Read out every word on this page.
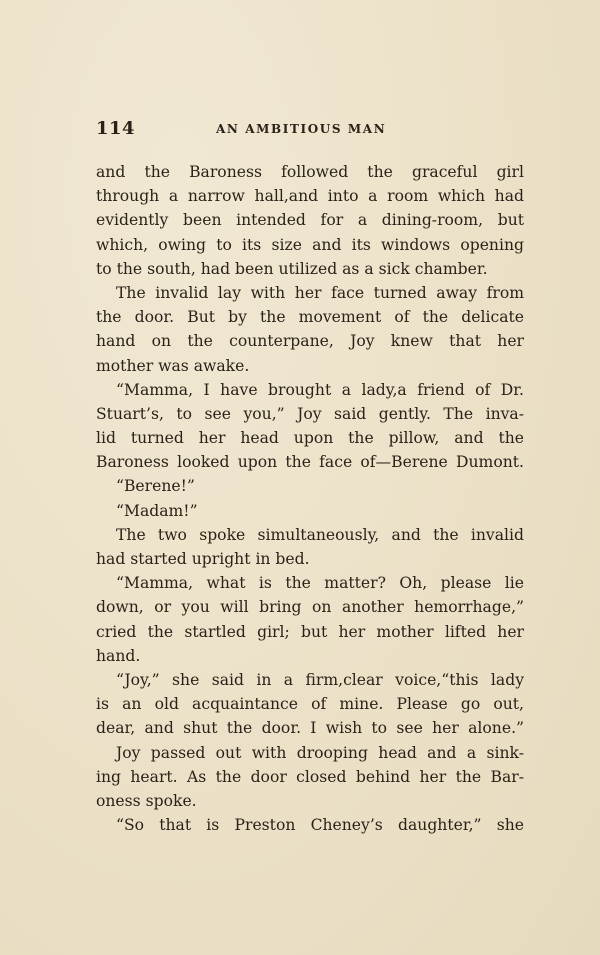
114	AN AMBITIOUS MAN
and the Baroness followed the graceful girl
through a narrow hall,and into a room which had
evidently been intended for a dining-room, but
which, owing to its size and its windows opening
to the south, had been utilized as a sick chamber.
The invalid lay with her face turned away from
the door. But by the movement of the delicate
hand on the counterpane, Joy knew that her
mother was awake.
“Mamma, I have brought a lady,a friend of Dr.
Stuart’s, to see you,” Joy said gently. The inva-
lid turned her head upon the pillow, and the
Baroness looked upon the face of—Berene Dumont.
“Berene!”
“Madam!”
The two spoke simultaneously, and the invalid
had started upright in bed.
“Mamma, what is the matter? Oh, please lie
down, or you will bring on another hemorrhage,”
cried the startled girl; but her mother lifted her
hand.
“Joy,” she said in a firm,clear voice,“this lady
is an old acquaintance of mine. Please go out,
dear, and shut the door. I wish to see her alone.”
Joy passed out with drooping head and a sink-
ing heart. As the door closed behind her the Bar-
oness spoke.
“So that is Preston Cheney’s daughter,” she
